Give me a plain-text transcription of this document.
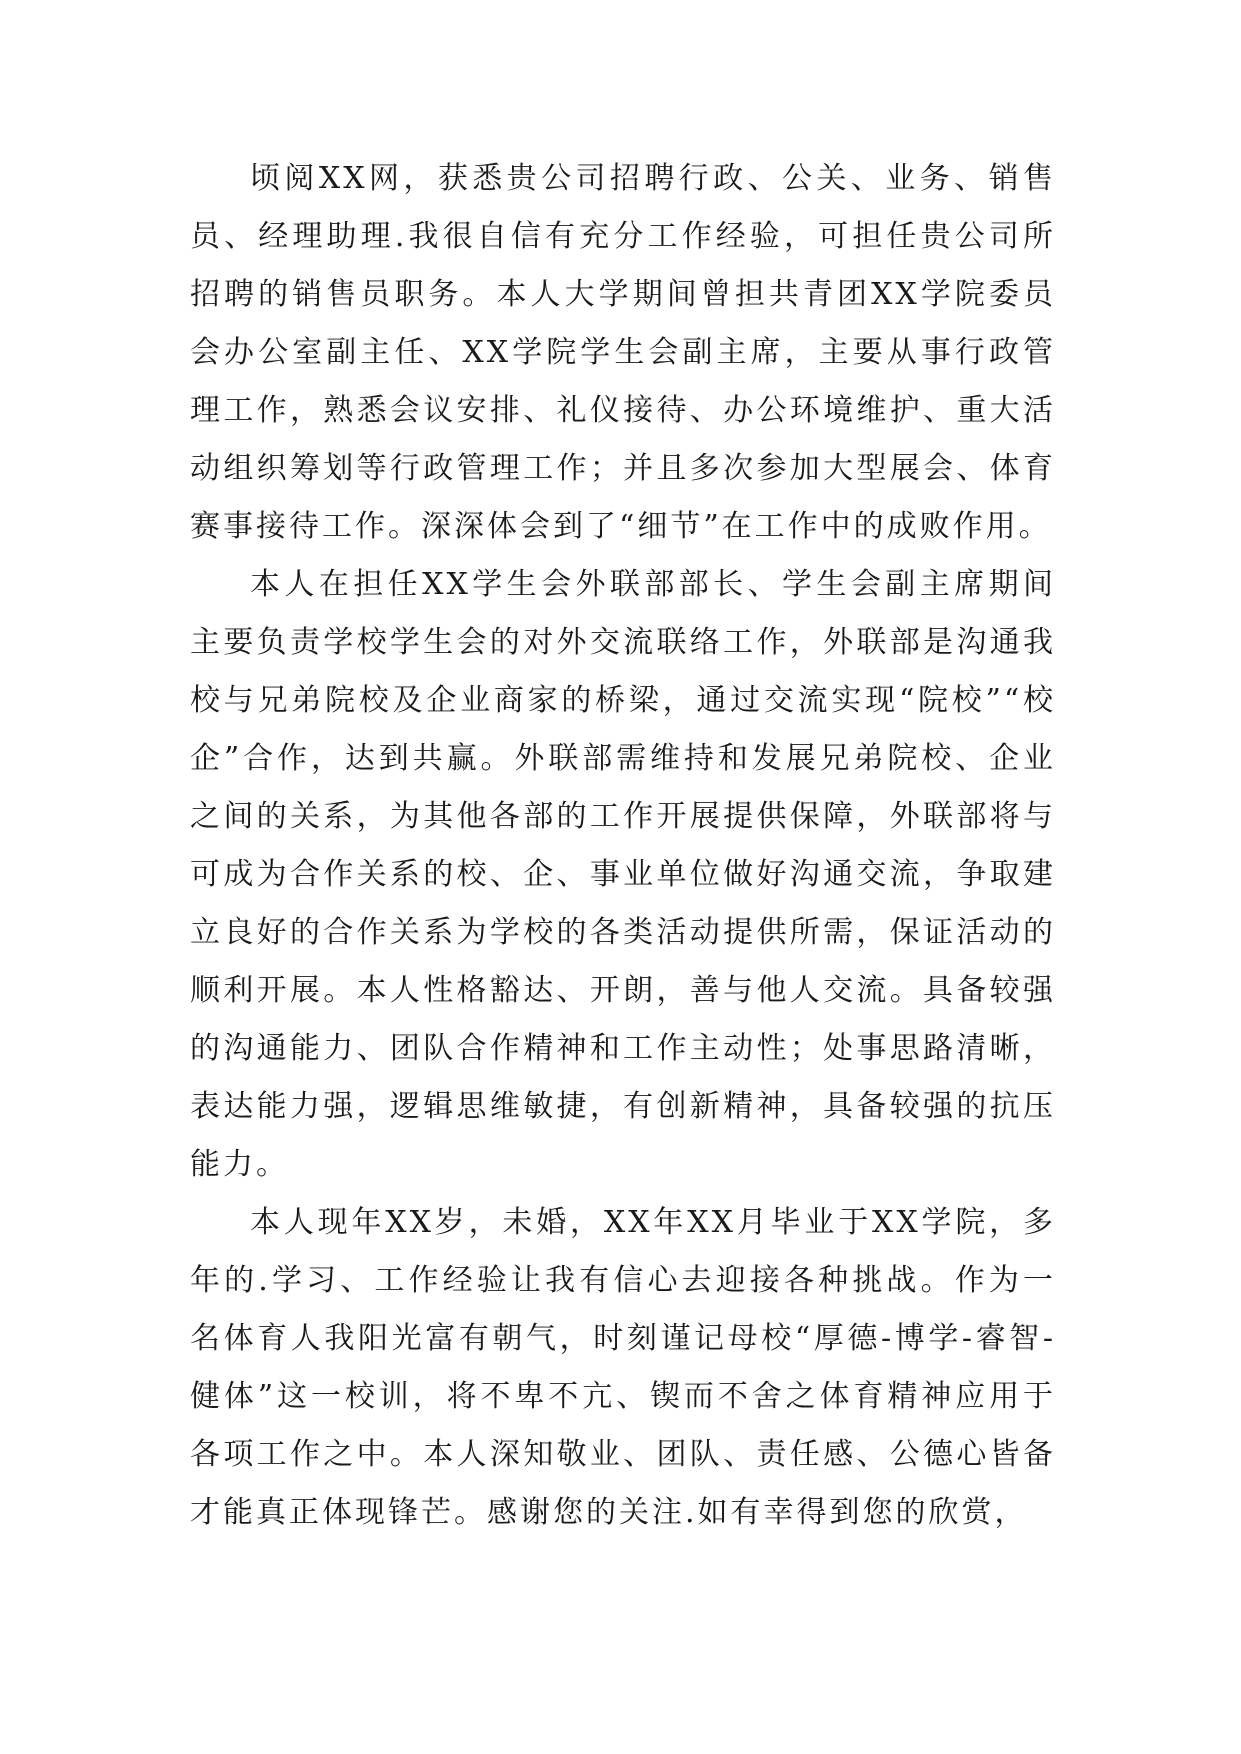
顷阅XX网，获悉贵公司招聘行政、公关、业务、销售员、经理助理.我很自信有充分工作经验，可担任贵公司所招聘的销售员职务。本人大学期间曾担共青团XX学院委员会办公室副主任、XX学院学生会副主席，主要从事行政管理工作，熟悉会议安排、礼仪接待、办公环境维护、重大活动组织筹划等行政管理工作；并且多次参加大型展会、体育赛事接待工作。深深体会到了“细节”在工作中的成败作用。

本人在担任XX学生会外联部部长、学生会副主席期间主要负责学校学生会的对外交流联络工作，外联部是沟通我校与兄弟院校及企业商家的桥梁，通过交流实现“院校”“校企”合作，达到共赢。外联部需维持和发展兄弟院校、企业之间的关系，为其他各部的工作开展提供保障，外联部将与可成为合作关系的校、企、事业单位做好沟通交流，争取建立良好的合作关系为学校的各类活动提供所需，保证活动的顺利开展。本人性格豁达、开朗，善与他人交流。具备较强的沟通能力、团队合作精神和工作主动性；处事思路清晰，表达能力强，逻辑思维敏捷，有创新精神，具备较强的抗压能力。

本人现年XX岁，未婚，XX年XX月毕业于XX学院，多年的.学习、工作经验让我有信心去迎接各种挑战。作为一名体育人我阳光富有朝气，时刻谨记母校“厚德-博学-睿智-健体”这一校训，将不卑不亢、锲而不舍之体育精神应用于各项工作之中。本人深知敬业、团队、责任感、公德心皆备才能真正体现锋芒。感谢您的关注.如有幸得到您的欣赏，
